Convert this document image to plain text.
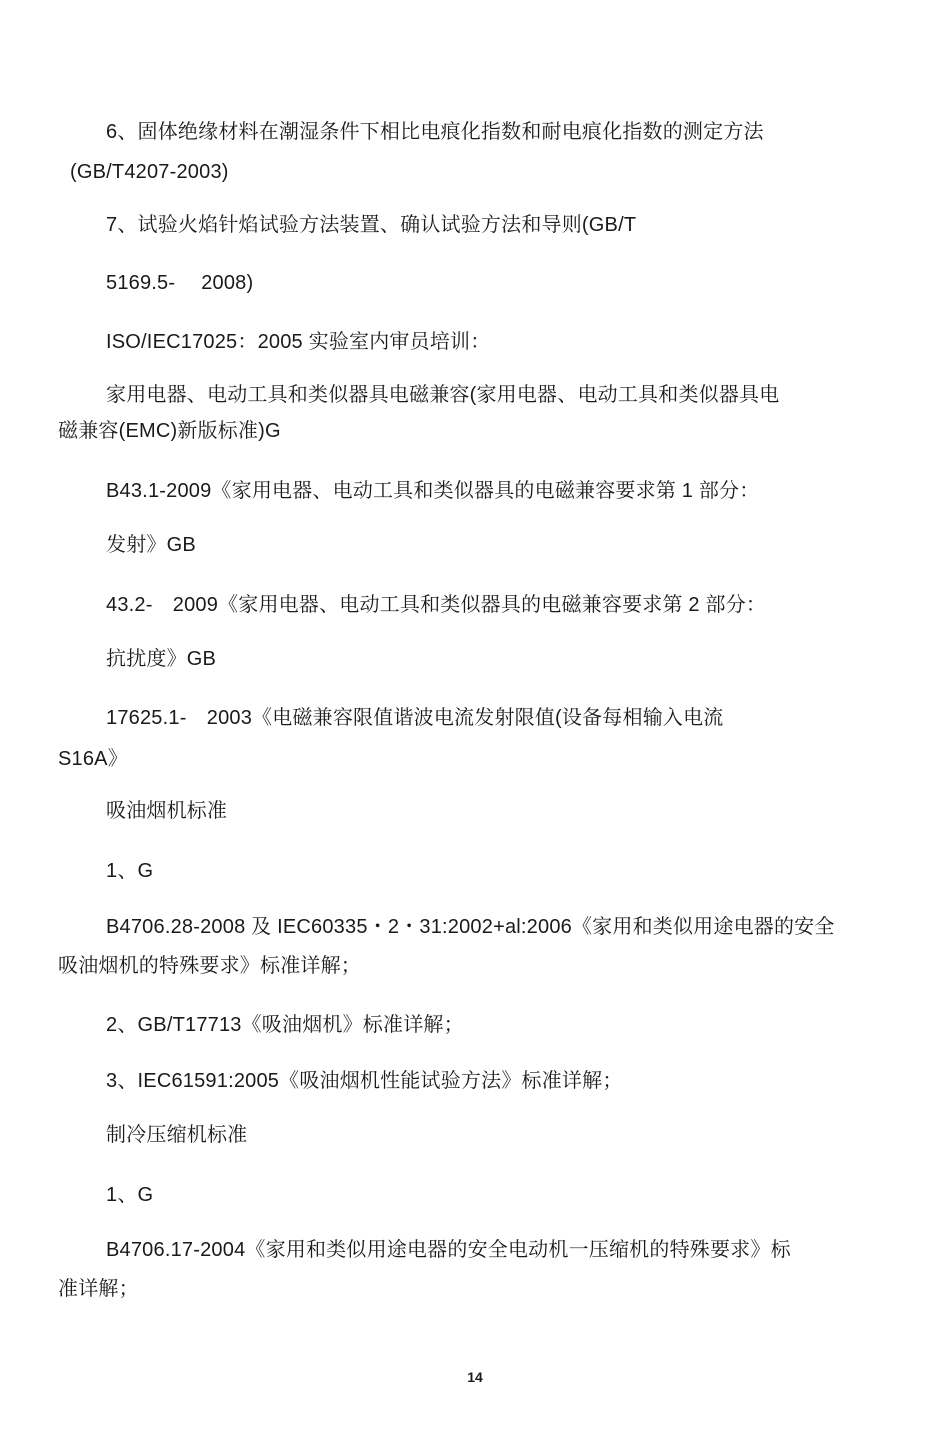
6、固体绝缘材料在潮湿条件下相比电痕化指数和耐电痕化指数的测定方法
(GB/T4207-2003)
7、试验火焰针焰试验方法装置、确认试验方法和导则(GB/T
5169.5-　 2008)
ISO/IEC17025：2005 实验室内审员培训：
家用电器、电动工具和类似器具电磁兼容(家用电器、电动工具和类似器具电
磁兼容(EMC)新版标准)G
B43.1-2009《家用电器、电动工具和类似器具的电磁兼容要求第 1 部分：
发射》GB
43.2-　2009《家用电器、电动工具和类似器具的电磁兼容要求第 2 部分：
抗扰度》GB
17625.1-　2003《电磁兼容限值谐波电流发射限值(设备每相输入电流
S16A》
吸油烟机标准
1、G
B4706.28-2008 及 IEC60335・2・31:2002+al:2006《家用和类似用途电器的安全
吸油烟机的特殊要求》标准详解；
2、GB/T17713《吸油烟机》标准详解；
3、IEC61591:2005《吸油烟机性能试验方法》标准详解；
制冷压缩机标准
1、G
B4706.17-2004《家用和类似用途电器的安全电动机一压缩机的特殊要求》标
准详解；
14
